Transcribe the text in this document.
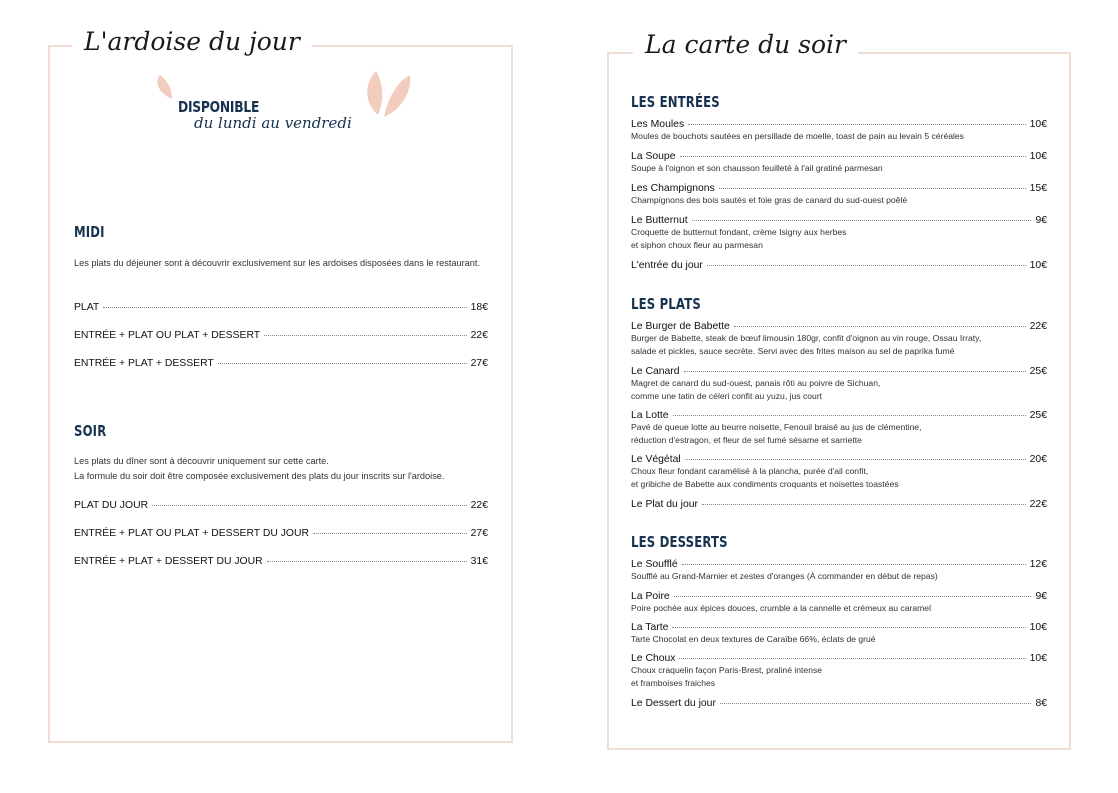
L'ardoise du jour
DISPONIBLE
du lundi au vendredi
MIDI
Les plats du déjeuner sont à découvrir exclusivement sur les ardoises disposées dans le restaurant.
PLAT	18€
ENTRÉE + PLAT OU PLAT + DESSERT	22€
ENTRÉE + PLAT + DESSERT	27€
SOIR
Les plats du dîner sont à découvrir uniquement sur cette carte.
La formule du soir doit être composée exclusivement des plats du jour inscrits sur l'ardoise.
PLAT DU JOUR	22€
ENTRÉE + PLAT OU PLAT + DESSERT DU JOUR	27€
ENTRÉE + PLAT + DESSERT DU JOUR	31€
La carte du soir
LES ENTRÉES
Les Moules	10€
Moules de bouchots sautées en persillade de moelle, toast de pain au levain 5 céréales
La Soupe	10€
Soupe à l'oignon et son chausson feuilleté à l'ail gratiné parmesan
Les Champignons	15€
Champignons des bois sautés et foie gras de canard du sud-ouest poêlé
Le Butternut	9€
Croquette de butternut fondant, crème Isigny aux herbes
et siphon choux fleur au parmesan
L'entrée du jour	10€
LES PLATS
Le Burger de Babette	22€
Burger de Babette, steak de bœuf limousin 180gr, confit d'oignon au vin rouge, Ossau Irraty,
salade et pickles, sauce secrète. Servi avec des frites maison au sel de paprika fumé
Le Canard	25€
Magret de canard du sud-ouest, panais rôti au poivre de Sichuan,
comme une tatin de céleri confit au yuzu, jus court
La Lotte	25€
Pavé de queue lotte au beurre noisette, Fenouil braisé au jus de clémentine,
réduction d'estragon, et fleur de sel fumé sésame et sarriette
Le Végétal	20€
Choux fleur fondant caramélisé à la plancha, purée d'ail confit,
et gribiche de Babette aux condiments croquants et noisettes toastées
Le Plat du jour	22€
LES DESSERTS
Le Soufflé	12€
Soufflé au Grand-Marnier et zestes d'oranges (À commander en début de repas)
La Poire	9€
Poire pochée aux épices douces, crumble a la cannelle et crémeux au caramel
La Tarte	10€
Tarte Chocolat en deux textures de Caraïbe 66%, éclats de grué
Le Choux	10€
Choux craquelin façon Paris-Brest, praliné intense
et framboises fraiches
Le Dessert du jour	8€
